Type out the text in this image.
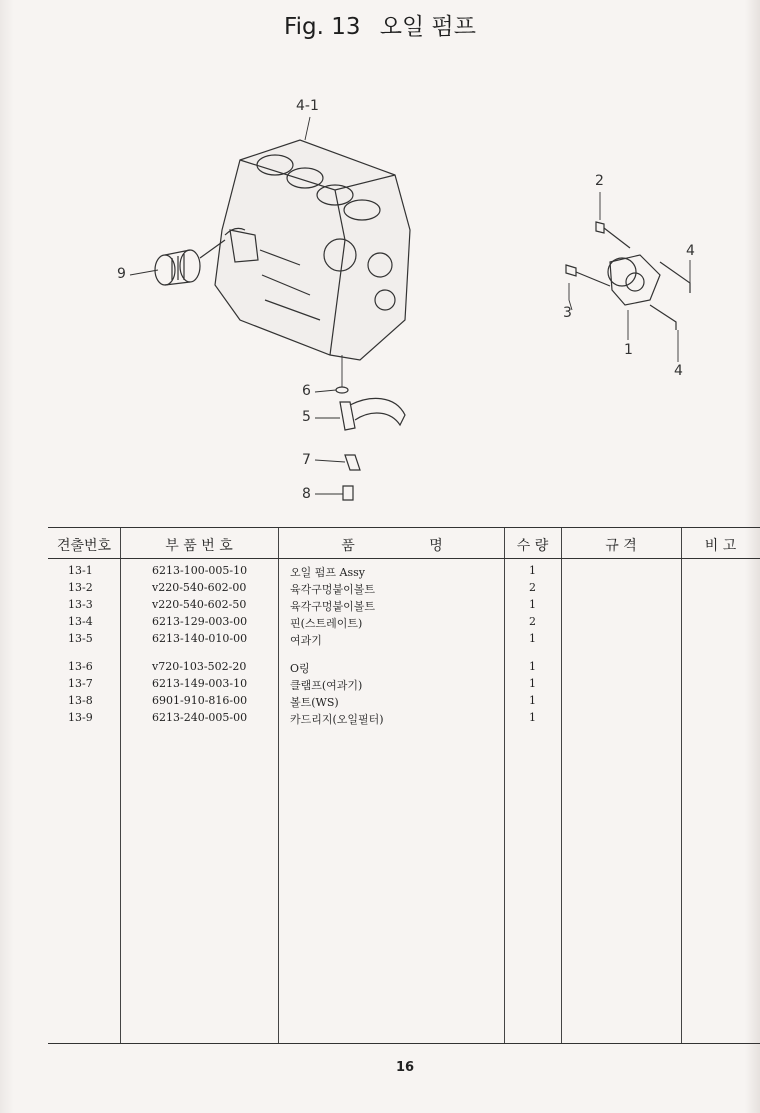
Fig. 13 오일 펌프
4-1
2
9
4
3
1
4
6
5
7
8
견출번호	부 품 번 호	품	명	수 량	규 격	비 고
13-1	6213-100-005-10	오일 펌프 Assy	1
13-2	v220-540-602-00	육각구멍붙이볼트	2
13-3	v220-540-602-50	육각구멍붙이볼트	1
13-4	6213-129-003-00	핀(스트레이트)	2
13-5	6213-140-010-00	여과기	1
13-6	v720-103-502-20	O링	1
13-7	6213-149-003-10	클램프(여과기)	1
13-8	6901-910-816-00	볼트(WS)	1
13-9	6213-240-005-00	카드리지(오일필터)	1
16
